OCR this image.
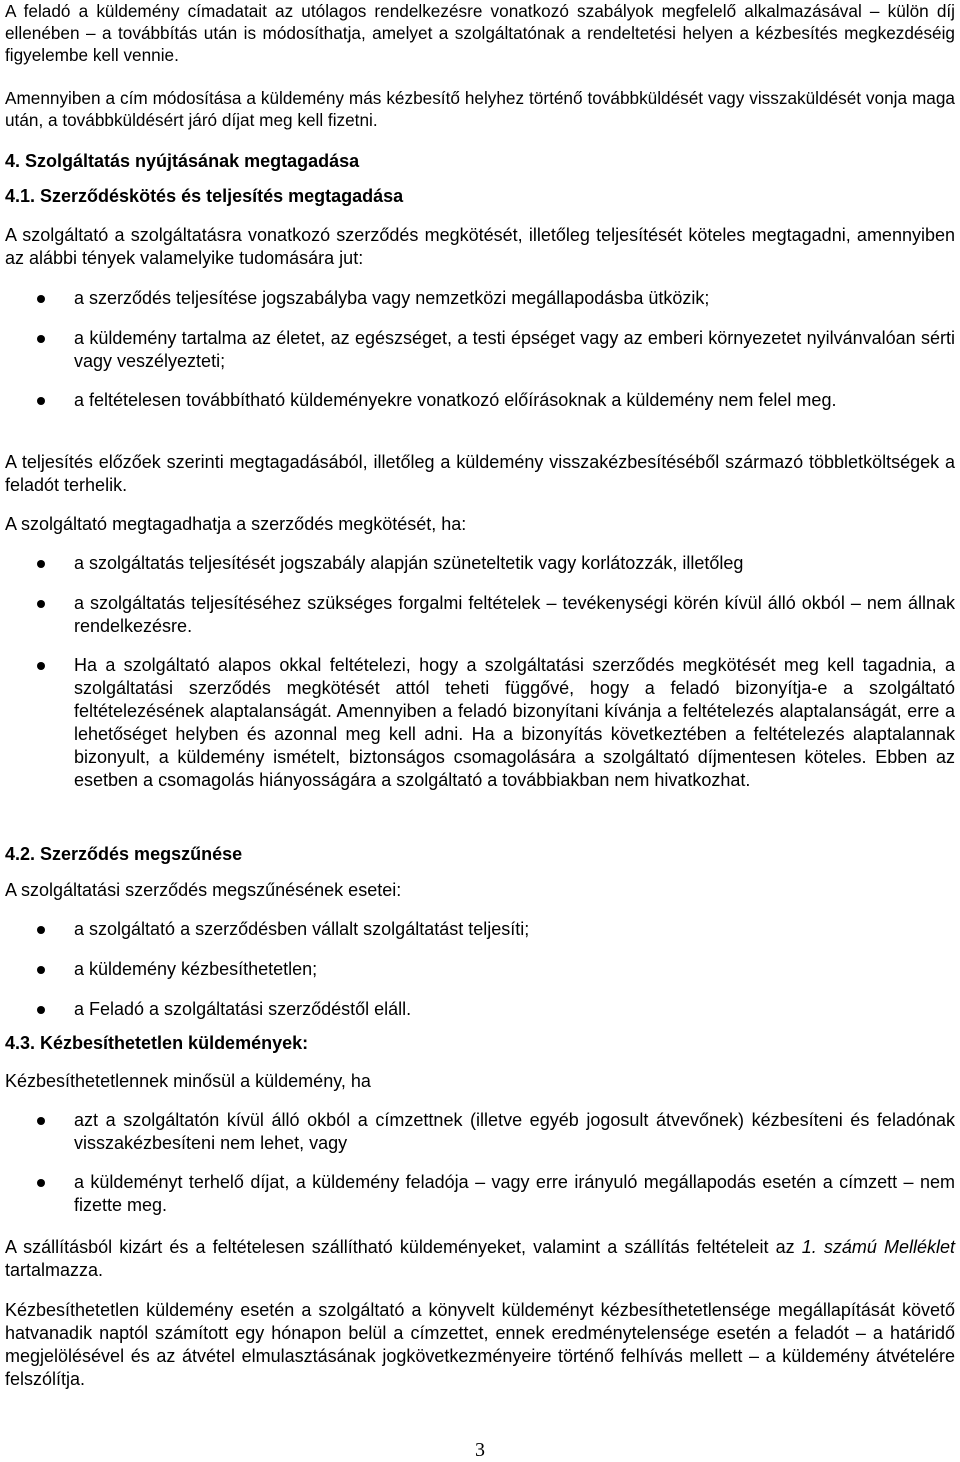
A feladó a küldemény címadatait az utólagos rendelkezésre vonatkozó szabályok megfelelő alkalmazásával – külön díj ellenében – a továbbítás után is módosíthatja, amelyet a szolgáltatónak a rendeltetési helyen a kézbesítés megkezdéséig figyelembe kell vennie.

Amennyiben a cím módosítása a küldemény más kézbesítő helyhez történő továbbküldését vagy visszaküldését vonja maga után, a továbbküldésért járó díjat meg kell fizetni.

4. Szolgáltatás nyújtásának megtagadása

4.1. Szerződéskötés és teljesítés megtagadása

A szolgáltató a szolgáltatásra vonatkozó szerződés megkötését, illetőleg teljesítését köteles megtagadni, amennyiben az alábbi tények valamelyike tudomására jut:

a szerződés teljesítése jogszabályba vagy nemzetközi megállapodásba ütközik;

a küldemény tartalma az életet, az egészséget, a testi épséget vagy az emberi környezetet nyilvánvalóan sérti vagy veszélyezteti;

a feltételesen továbbítható küldeményekre vonatkozó előírásoknak a küldemény nem felel meg.

A teljesítés előzőek szerinti megtagadásából, illetőleg a küldemény visszakézbesítéséből származó többletköltségek a feladót terhelik.

A szolgáltató megtagadhatja a szerződés megkötését, ha:

a szolgáltatás teljesítését jogszabály alapján szüneteltetik vagy korlátozzák, illetőleg

a szolgáltatás teljesítéséhez szükséges forgalmi feltételek – tevékenységi körén kívül álló okból – nem állnak rendelkezésre.

Ha a szolgáltató alapos okkal feltételezi, hogy a szolgáltatási szerződés megkötését meg kell tagadnia, a szolgáltatási szerződés megkötését attól teheti függővé, hogy a feladó bizonyítja-e a szolgáltató feltételezésének alaptalanságát. Amennyiben a feladó bizonyítani kívánja a feltételezés alaptalanságát, erre a lehetőséget helyben és azonnal meg kell adni. Ha a bizonyítás következtében a feltételezés alaptalannak bizonyult, a küldemény ismételt, biztonságos csomagolására a szolgáltató díjmentesen köteles. Ebben az esetben a csomagolás hiányosságára a szolgáltató a továbbiakban nem hivatkozhat.

4.2. Szerződés megszűnése

A szolgáltatási szerződés megszűnésének esetei:

a szolgáltató a szerződésben vállalt szolgáltatást teljesíti;

a küldemény kézbesíthetetlen;

a Feladó a szolgáltatási szerződéstől eláll.

4.3. Kézbesíthetetlen küldemények:

Kézbesíthetetlennek minősül a küldemény, ha

azt a szolgáltatón kívül álló okból a címzettnek (illetve egyéb jogosult átvevőnek) kézbesíteni és feladónak visszakézbesíteni nem lehet, vagy

a küldeményt terhelő díjat, a küldemény feladója – vagy erre irányuló megállapodás esetén a címzett – nem fizette meg.

A szállításból kizárt és a feltételesen szállítható küldeményeket, valamint a szállítás feltételeit az 1. számú Melléklet tartalmazza.

Kézbesíthetetlen küldemény esetén a szolgáltató a könyvelt küldeményt kézbesíthetetlensége megállapítását követő hatvanadik naptól számított egy hónapon belül a címzettet, ennek eredménytelensége esetén a feladót – a határidő megjelölésével és az átvétel elmulasztásának jogkövetkezményeire történő felhívás mellett – a küldemény átvételére felszólítja.

3
